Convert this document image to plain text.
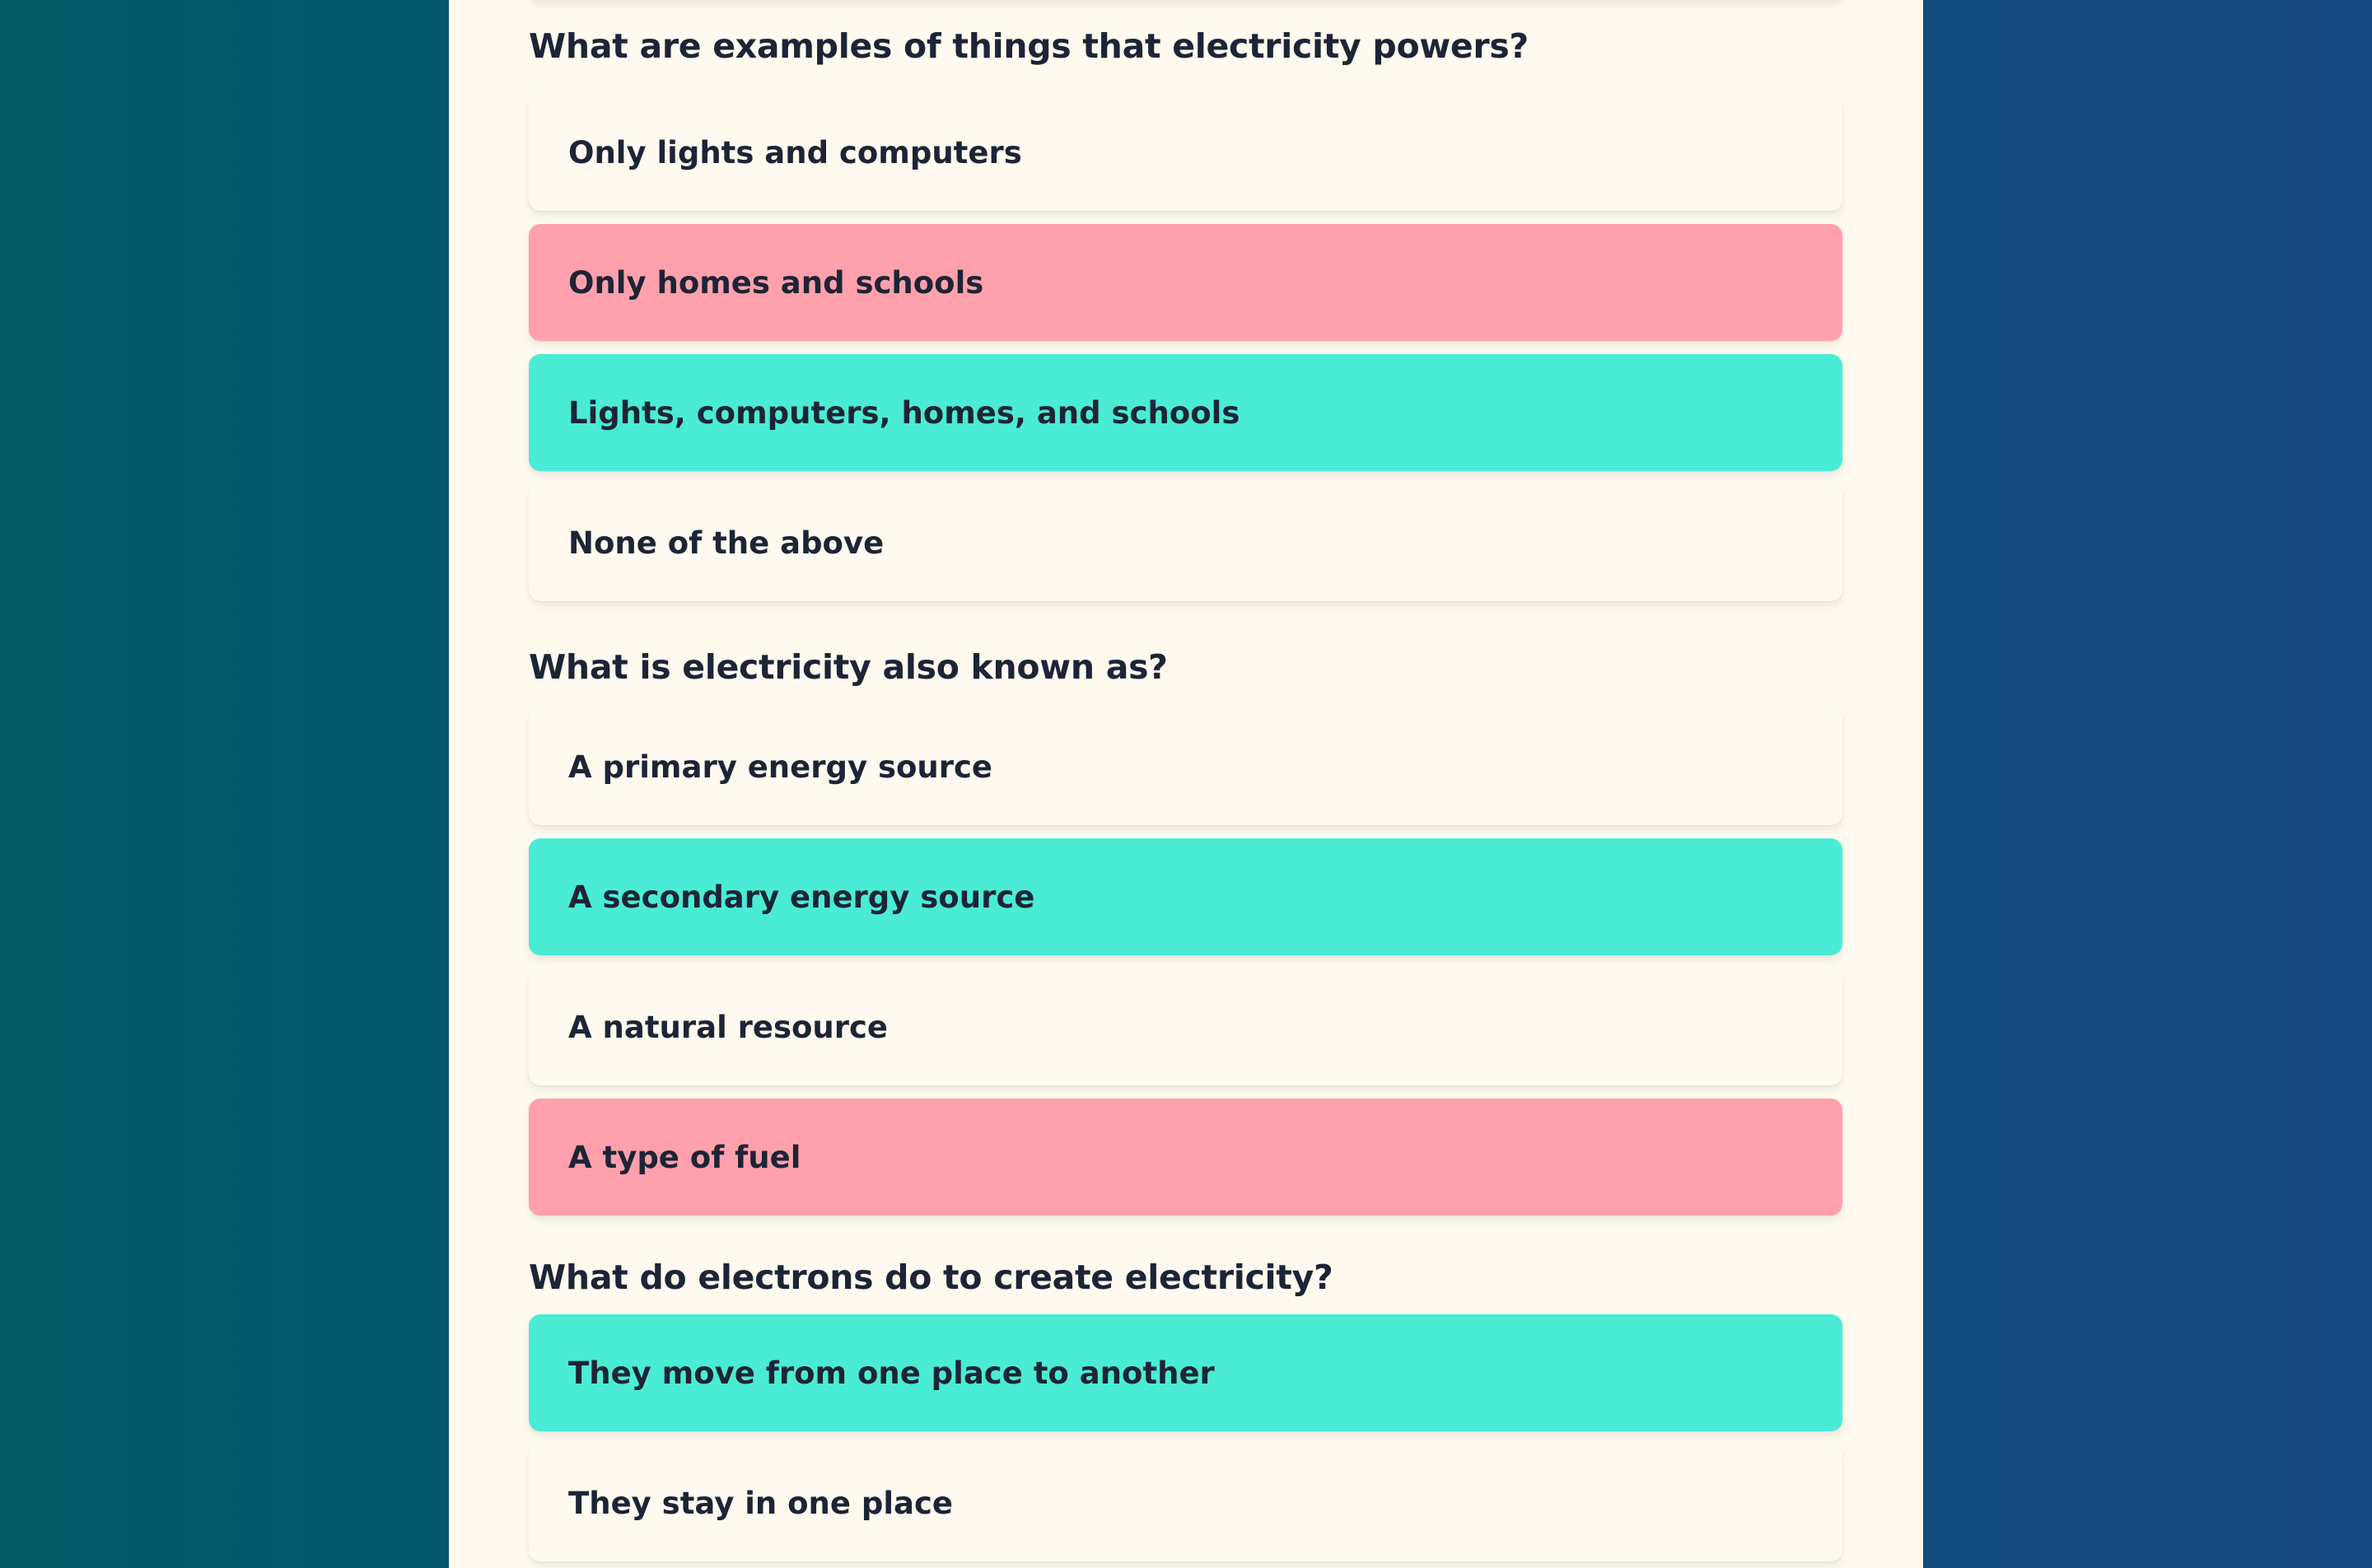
What are examples of things that electricity powers?
Only lights and computers
Only homes and schools
Lights, computers, homes, and schools
None of the above
What is electricity also known as?
A primary energy source
A secondary energy source
A natural resource
A type of fuel
What do electrons do to create electricity?
They move from one place to another
They stay in one place
